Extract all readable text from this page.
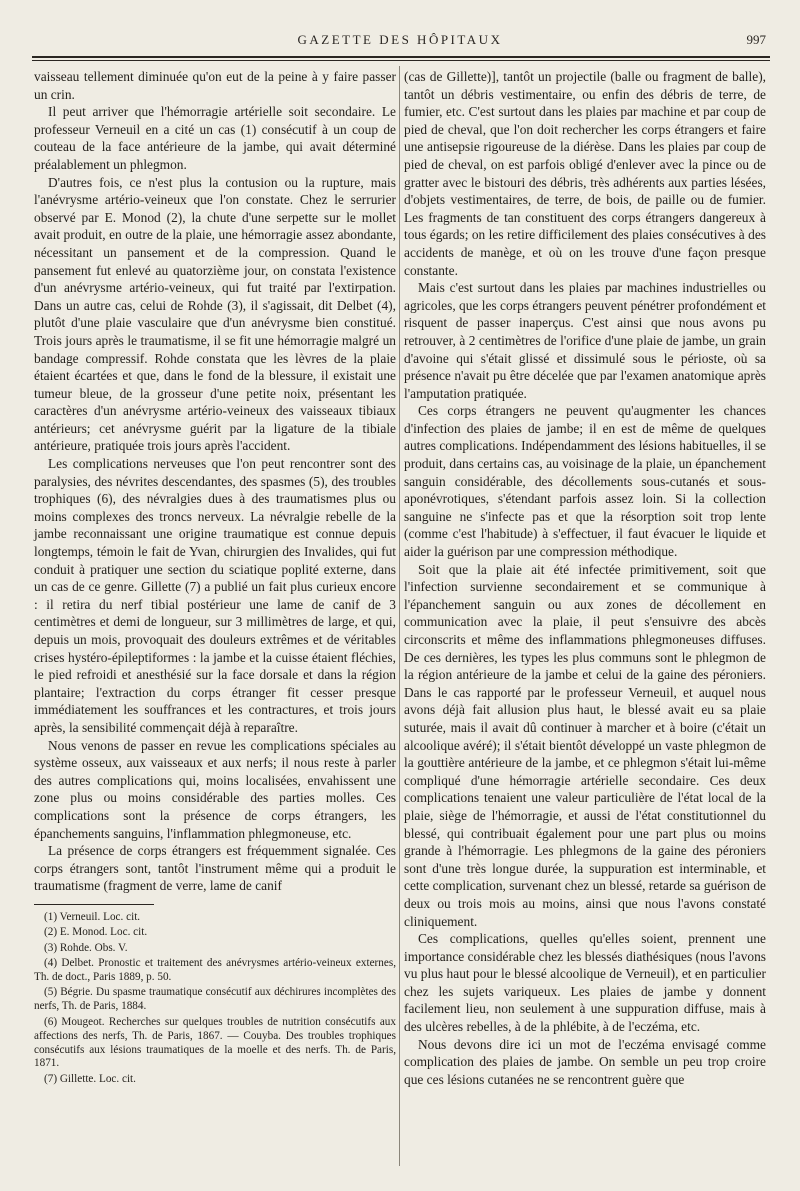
GAZETTE DES HÔPITAUX	997

vaisseau tellement diminuée qu'on eut de la peine à y faire passer un crin.

Il peut arriver que l'hémorragie artérielle soit secondaire. Le professeur Verneuil en a cité un cas (1) consécutif à un coup de couteau de la face antérieure de la jambe, qui avait déterminé préalablement un phlegmon.

D'autres fois, ce n'est plus la contusion ou la rupture, mais l'anévrysme artério-veineux que l'on constate. Chez le serrurier observé par E. Monod (2), la chute d'une serpette sur le mollet avait produit, en outre de la plaie, une hémorragie assez abondante, nécessitant un pansement et de la compression. Quand le pansement fut enlevé au quatorzième jour, on constata l'existence d'un anévrysme artério-veineux, qui fut traité par l'extirpation. Dans un autre cas, celui de Rohde (3), il s'agissait, dit Delbet (4), plutôt d'une plaie vasculaire que d'un anévrysme bien constitué. Trois jours après le traumatisme, il se fit une hémorragie malgré un bandage compressif. Rohde constata que les lèvres de la plaie étaient écartées et que, dans le fond de la blessure, il existait une tumeur bleue, de la grosseur d'une petite noix, présentant les caractères d'un anévrysme artério-veineux des vaisseaux tibiaux antérieurs; cet anévrysme guérit par la ligature de la tibiale antérieure, pratiquée trois jours après l'accident.

Les complications nerveuses que l'on peut rencontrer sont des paralysies, des névrites descendantes, des spasmes (5), des troubles trophiques (6), des névralgies dues à des traumatismes plus ou moins complexes des troncs nerveux. La névralgie rebelle de la jambe reconnaissant une origine traumatique est connue depuis longtemps, témoin le fait de Yvan, chirurgien des Invalides, qui fut conduit à pratiquer une section du sciatique poplité externe, dans un cas de ce genre. Gillette (7) a publié un fait plus curieux encore : il retira du nerf tibial postérieur une lame de canif de 3 centimètres et demi de longueur, sur 3 millimètres de large, et qui, depuis un mois, provoquait des douleurs extrêmes et de véritables crises hystéro-épileptiformes : la jambe et la cuisse étaient fléchies, le pied refroidi et anesthésié sur la face dorsale et dans la région plantaire; l'extraction du corps étranger fit cesser presque immédiatement les souffrances et les contractures, et trois jours après, la sensibilité commençait déjà à reparaître.

Nous venons de passer en revue les complications spéciales au système osseux, aux vaisseaux et aux nerfs; il nous reste à parler des autres complications qui, moins localisées, envahissent une zone plus ou moins considérable des parties molles. Ces complications sont la présence de corps étrangers, les épanchements sanguins, l'inflammation phlegmoneuse, etc.

La présence de corps étrangers est fréquemment signalée. Ces corps étrangers sont, tantôt l'instrument même qui a produit le traumatisme (fragment de verre, lame de canif

(1) Verneuil. Loc. cit.

(2) E. Monod. Loc. cit.

(3) Rohde. Obs. V.

(4) Delbet. Pronostic et traitement des anévrysmes artério-veineux externes, Th. de doct., Paris 1889, p. 50.

(5) Bégrie. Du spasme traumatique consécutif aux déchirures incomplètes des nerfs, Th. de Paris, 1884.

(6) Mougeot. Recherches sur quelques troubles de nutrition consécutifs aux affections des nerfs, Th. de Paris, 1867. — Couyba. Des troubles trophiques consécutifs aux lésions traumatiques de la moelle et des nerfs. Th. de Paris, 1871.

(7) Gillette. Loc. cit.

(cas de Gillette)], tantôt un projectile (balle ou fragment de balle), tantôt un débris vestimentaire, ou enfin des débris de terre, de fumier, etc. C'est surtout dans les plaies par machine et par coup de pied de cheval, que l'on doit rechercher les corps étrangers et faire une antisepsie rigoureuse de la diérèse. Dans les plaies par coup de pied de cheval, on est parfois obligé d'enlever avec la pince ou de gratter avec le bistouri des débris, très adhérents aux parties lésées, d'objets vestimentaires, de terre, de bois, de paille ou de fumier. Les fragments de tan constituent des corps étrangers dangereux à tous égards; on les retire difficilement des plaies consécutives à des accidents de manège, et où on les trouve d'une façon presque constante.

Mais c'est surtout dans les plaies par machines industrielles ou agricoles, que les corps étrangers peuvent pénétrer profondément et risquent de passer inaperçus. C'est ainsi que nous avons pu retrouver, à 2 centimètres de l'orifice d'une plaie de jambe, un grain d'avoine qui s'était glissé et dissimulé sous le périoste, où sa présence n'avait pu être décelée que par l'examen anatomique après l'amputation pratiquée.

Ces corps étrangers ne peuvent qu'augmenter les chances d'infection des plaies de jambe; il en est de même de quelques autres complications. Indépendamment des lésions habituelles, il se produit, dans certains cas, au voisinage de la plaie, un épanchement sanguin considérable, des décollements sous-cutanés et sous-aponévrotiques, s'étendant parfois assez loin. Si la collection sanguine ne s'infecte pas et que la résorption soit trop lente (comme c'est l'habitude) à s'effectuer, il faut évacuer le liquide et aider la guérison par une compression méthodique.

Soit que la plaie ait été infectée primitivement, soit que l'infection survienne secondairement et se communique à l'épanchement sanguin ou aux zones de décollement en communication avec la plaie, il peut s'ensuivre des abcès circonscrits et même des inflammations phlegmoneuses diffuses. De ces dernières, les types les plus communs sont le phlegmon de la région antérieure de la jambe et celui de la gaine des péroniers. Dans le cas rapporté par le professeur Verneuil, et auquel nous avons déjà fait allusion plus haut, le blessé avait eu sa plaie suturée, mais il avait dû continuer à marcher et à boire (c'était un alcoolique avéré); il s'était bientôt développé un vaste phlegmon de la gouttière antérieure de la jambe, et ce phlegmon s'était lui-même compliqué d'une hémorragie artérielle secondaire. Ces deux complications tenaient une valeur particulière de l'état local de la plaie, siège de l'hémorragie, et aussi de l'état constitutionnel du blessé, qui contribuait également pour une part plus ou moins grande à l'hémorragie. Les phlegmons de la gaine des péroniers sont d'une très longue durée, la suppuration est interminable, et cette complication, survenant chez un blessé, retarde sa guérison de deux ou trois mois au moins, ainsi que nous l'avons constaté cliniquement.

Ces complications, quelles qu'elles soient, prennent une importance considérable chez les blessés diathésiques (nous l'avons vu plus haut pour le blessé alcoolique de Verneuil), et en particulier chez les sujets variqueux. Les plaies de jambe y donnent facilement lieu, non seulement à une suppuration diffuse, mais à des ulcères rebelles, à de la phlébite, à de l'eczéma, etc.

Nous devons dire ici un mot de l'eczéma envisagé comme complication des plaies de jambe. On semble un peu trop croire que ces lésions cutanées ne se rencontrent guère que
